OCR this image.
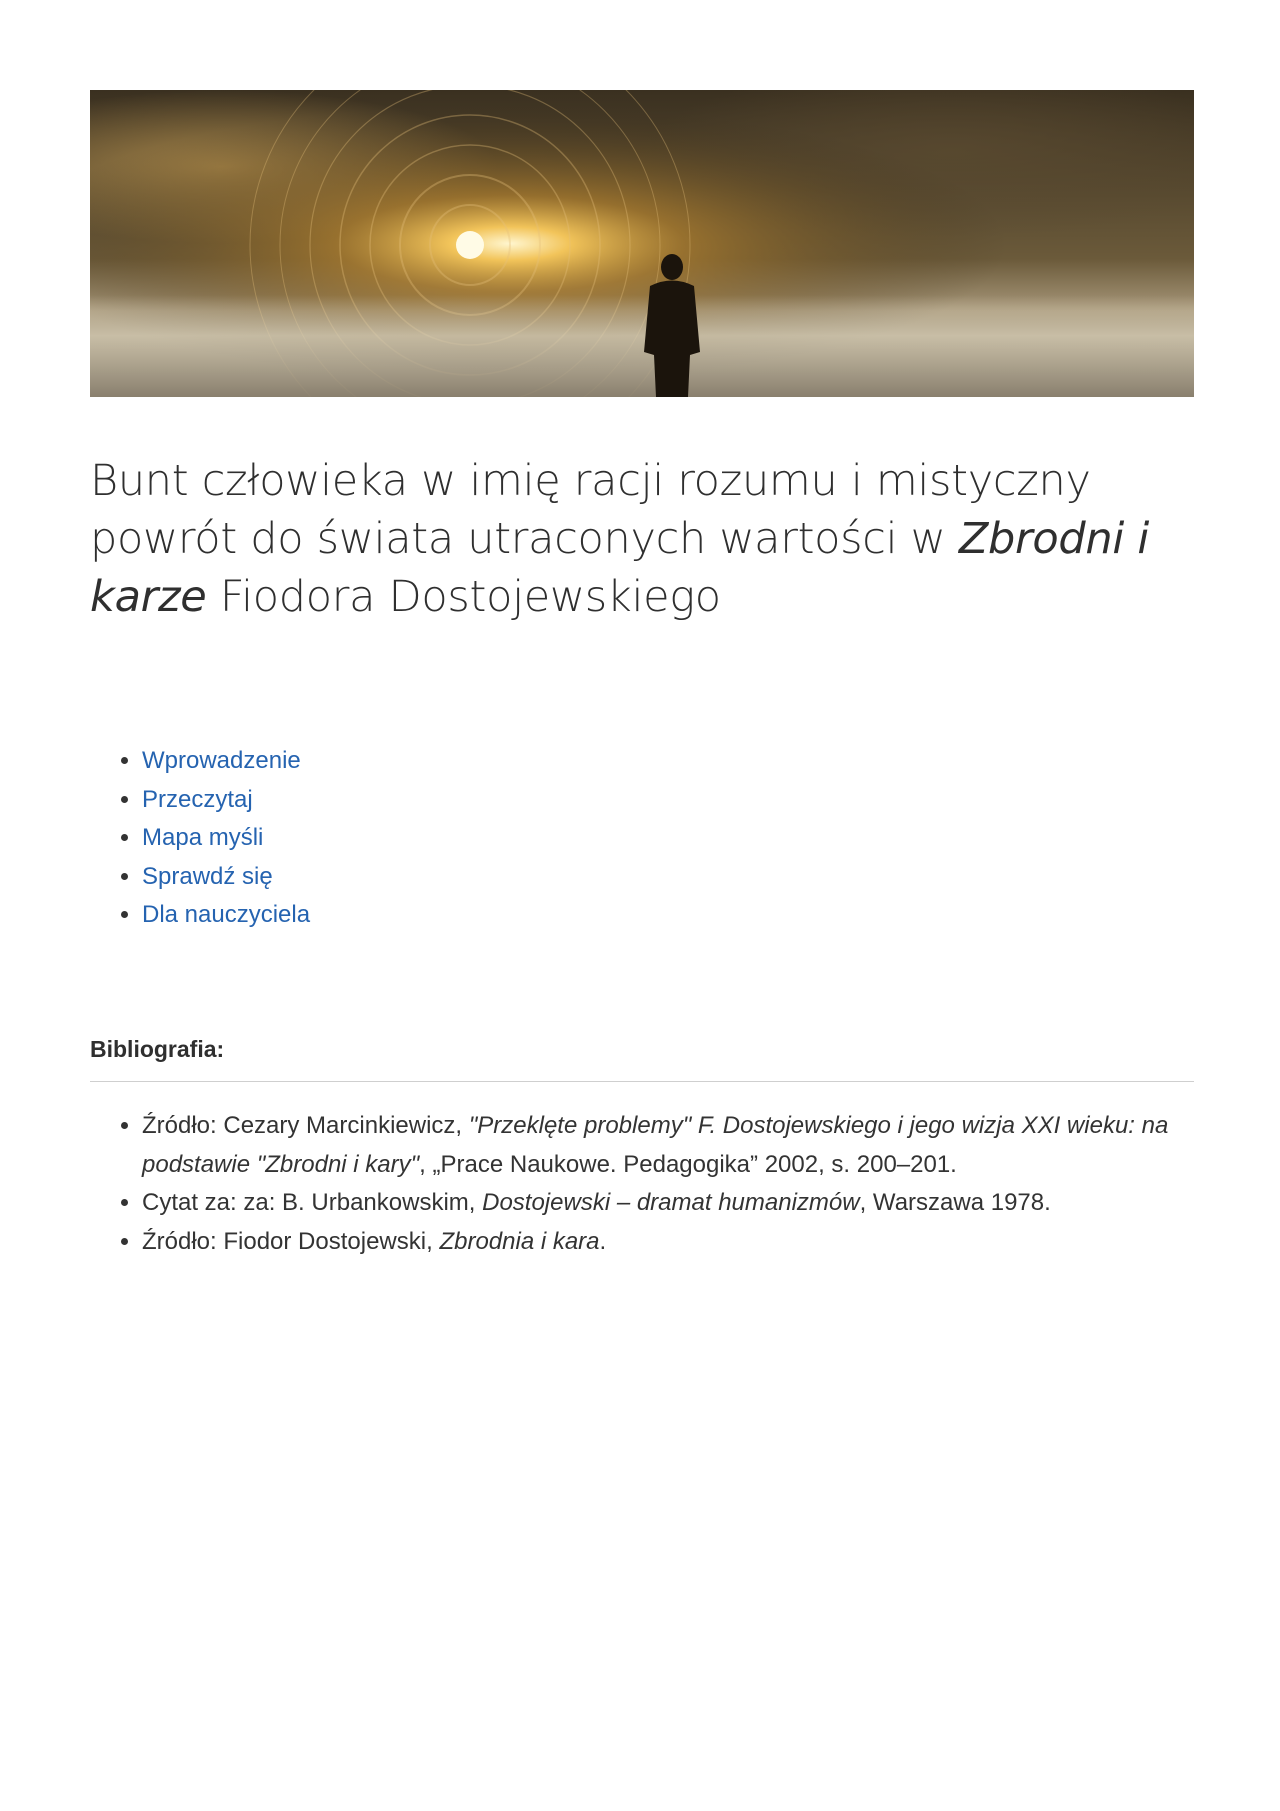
Bunt człowieka w imię racji rozumu i mistyczny powrót do świata utraconych wartości w Zbrodni i karze Fiodora Dostojewskiego
• Wprowadzenie
• Przeczytaj
• Mapa myśli
• Sprawdź się
• Dla nauczyciela
Bibliografia:
• Źródło: Cezary Marcinkiewicz, "Przeklęte problemy" F. Dostojewskiego i jego wizja XXI wieku: na podstawie "Zbrodni i kary", „Prace Naukowe. Pedagogika” 2002, s. 200–201.
• Cytat za: za: B. Urbankowskim, Dostojewski – dramat humanizmów, Warszawa 1978.
• Źródło: Fiodor Dostojewski, Zbrodnia i kara.
